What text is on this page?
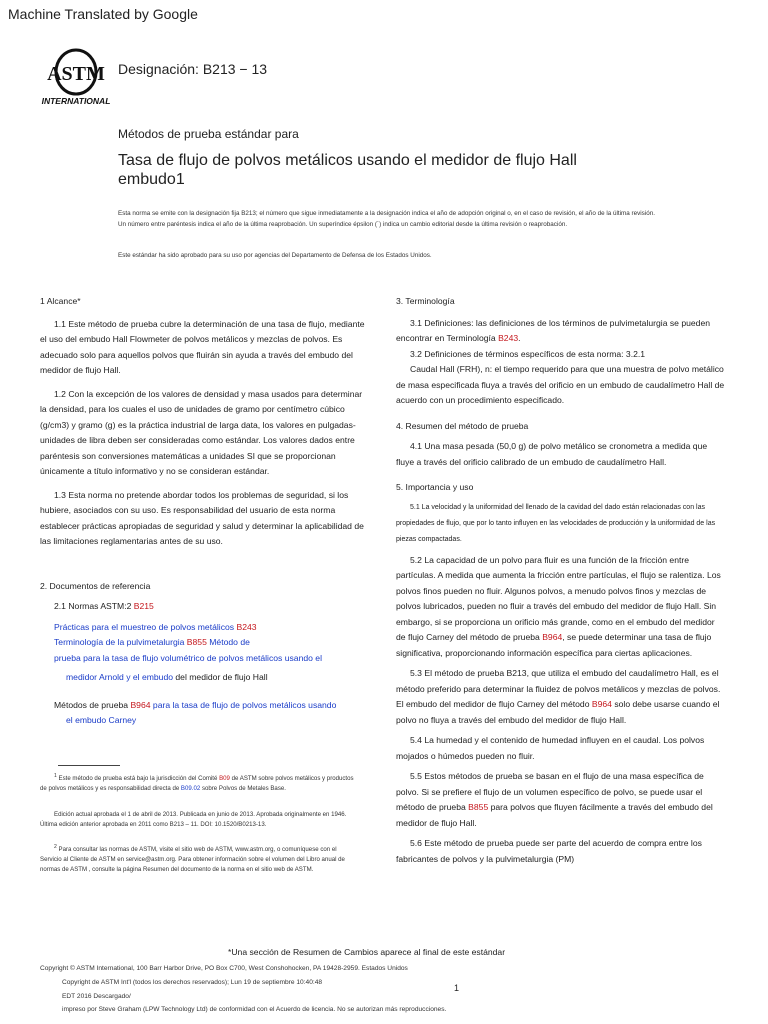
Machine Translated by Google
ASTM
INTERNATIONAL
Designación: B213 − 13
Métodos de prueba estándar para
Tasa de flujo de polvos metálicos usando el medidor de flujo Hall
embudo1
Esta norma se emite con la designación fija B213; el número que sigue inmediatamente a la designación indica el año de adopción original o, en el caso de revisión, el año de la última revisión. Un número entre paréntesis indica el año de la última reaprobación. Un superíndice épsilon (´) indica un cambio editorial desde la última revisión o reaprobación.
Este estándar ha sido aprobado para su uso por agencias del Departamento de Defensa de los Estados Unidos.

1 Alcance*

1.1 Este método de prueba cubre la determinación de una tasa de flujo, mediante el uso del embudo Hall Flowmeter de polvos metálicos y mezclas de polvos. Es adecuado solo para aquellos polvos que fluirán sin ayuda a través del embudo del medidor de flujo Hall.

1.2 Con la excepción de los valores de densidad y masa usados para determinar la densidad, para los cuales el uso de unidades de gramo por centímetro cúbico (g/cm3) y gramo (g) es la práctica industrial de larga data, los valores en pulgadas- unidades de libra deben ser consideradas como estándar. Los valores dados entre paréntesis son conversiones matemáticas a unidades SI que se proporcionan únicamente a título informativo y no se consideran estándar.

1.3 Esta norma no pretende abordar todos los problemas de seguridad, si los hubiere, asociados con su uso. Es responsabilidad del usuario de esta norma establecer prácticas apropiadas de seguridad y salud y determinar la aplicabilidad de las limitaciones reglamentarias antes de su uso.

2. Documentos de referencia

2.1 Normas ASTM:2 B215

Prácticas para el muestreo de polvos metálicos B243

Terminología de la pulvimetalurgia B855 Método de

prueba para la tasa de flujo volumétrico de polvos metálicos usando el

medidor Arnold y el embudo del medidor de flujo Hall

Métodos de prueba B964 para la tasa de flujo de polvos metálicos usando

el embudo Carney

$^1$ Este método de prueba está bajo la jurisdicción del Comité B09 de ASTM sobre polvos metálicos y productos de polvos metálicos y es responsabilidad directa de B09.02 sobre Polvos de Metales Base.

Edición actual aprobada el 1 de abril de 2013. Publicada en junio de 2013. Aprobada originalmente en 1946. Última edición anterior aprobada en 2011 como B213 – 11. DOI: 10.1520/B0213-13.

$^2$ Para consultar las normas de ASTM, visite el sitio web de ASTM, www.astm.org, o comuníquese con el Servicio al Cliente de ASTM en service@astm.org. Para obtener información sobre el volumen del Libro anual de normas de ASTM , consulte la página Resumen del documento de la norma en el sitio web de ASTM.

3. Terminología

3.1 Definiciones: las definiciones de los términos de pulvimetalurgia se pueden encontrar en Terminología B243.

3.2 Definiciones de términos específicos de esta norma: 3.2.1

Caudal Hall (FRH), n: el tiempo requerido para que una muestra de polvo metálico de masa especificada fluya a través del orificio en un embudo de caudalímetro Hall de acuerdo con un procedimiento especificado.

4. Resumen del método de prueba

4.1 Una masa pesada (50,0 g) de polvo metálico se cronometra a medida que fluye a través del orificio calibrado de un embudo de caudalímetro Hall.

5. Importancia y uso

5.1 La velocidad y la uniformidad del llenado de la cavidad del dado están relacionadas con las propiedades de flujo, que por lo tanto influyen en las velocidades de producción y la uniformidad de las piezas compactadas.

5.2 La capacidad de un polvo para fluir es una función de la fricción entre partículas. A medida que aumenta la fricción entre partículas, el flujo se ralentiza. Los polvos finos pueden no fluir. Algunos polvos, a menudo polvos finos y mezclas de polvos lubricados, pueden no fluir a través del embudo del medidor de flujo Hall. Sin embargo, si se proporciona un orificio más grande, como en el embudo del medidor de flujo Carney del método de prueba B964, se puede determinar una tasa de flujo significativa, proporcionando información específica para ciertas aplicaciones.

5.3 El método de prueba B213, que utiliza el embudo del caudalímetro Hall, es el método preferido para determinar la fluidez de polvos metálicos y mezclas de polvos. El embudo del medidor de flujo Carney del método B964 solo debe usarse cuando el polvo no fluya a través del embudo del medidor de flujo Hall.

5.4 La humedad y el contenido de humedad influyen en el caudal. Los polvos mojados o húmedos pueden no fluir.

5.5 Estos métodos de prueba se basan en el flujo de una masa específica de polvo. Si se prefiere el flujo de un volumen específico de polvo, se puede usar el método de prueba B855 para polvos que fluyen fácilmente a través del embudo del medidor de flujo Hall.

5.6 Este método de prueba puede ser parte del acuerdo de compra entre los fabricantes de polvos y la pulvimetalurgia (PM)

*Una sección de Resumen de Cambios aparece al final de este estándar
Copyright © ASTM International, 100 Barr Harbor Drive, PO Box C700, West Conshohocken, PA 19428-2959. Estados Unidos
Copyright de ASTM Int'l (todos los derechos reservados); Lun 19 de septiembre 10:40:48
1
EDT 2016 Descargado/
impreso por Steve Graham (LPW Technology Ltd) de conformidad con el Acuerdo de licencia. No se autorizan más reproducciones.
